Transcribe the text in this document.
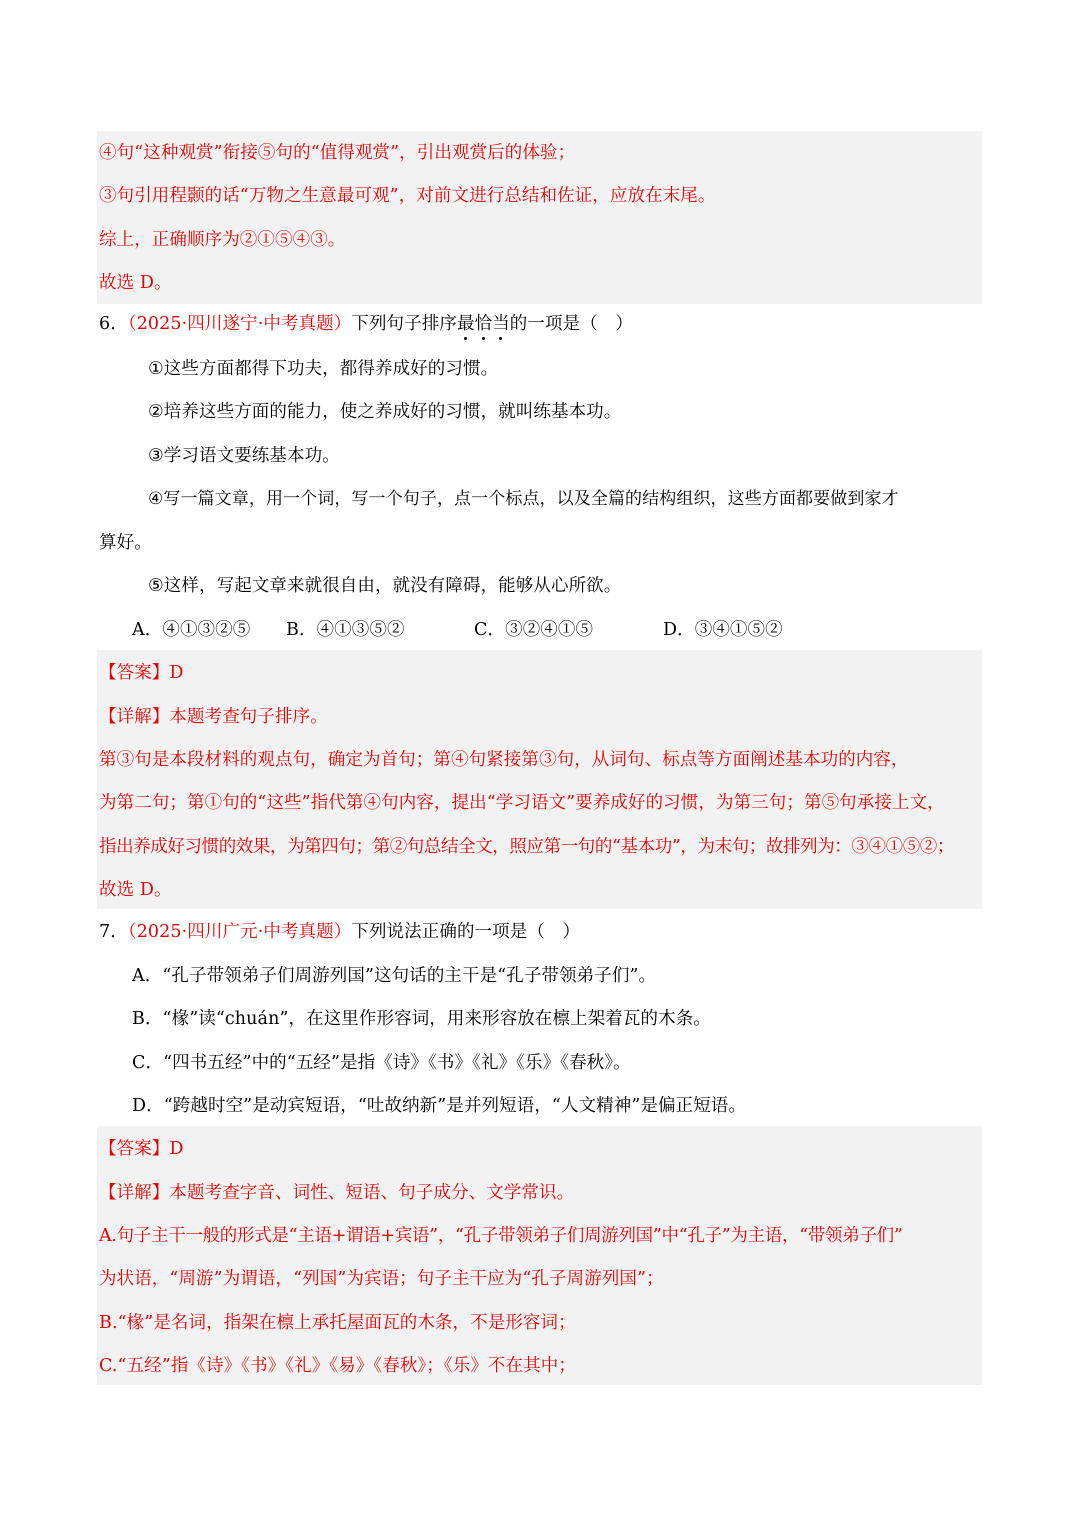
④句“这种观赏”衔接⑤句的“值得观赏”，引出观赏后的体验；
③句引用程颢的话“万物之生意最可观”，对前文进行总结和佐证，应放在末尾。
综上，正确顺序为②①⑤④③。
故选 D。
6．（2025·四川遂宁·中考真题）下列句子排序最恰当的一项是（　）
①这些方面都得下功夫，都得养成好的习惯。
②培养这些方面的能力，使之养成好的习惯，就叫练基本功。
③学习语文要练基本功。
④写一篇文章，用一个词，写一个句子，点一个标点，以及全篇的结构组织，这些方面都要做到家才
算好。
⑤这样，写起文章来就很自由，就没有障碍，能够从心所欲。
A．④①③②⑤ B．④①③⑤②	C．③②④①⑤	D．③④①⑤②
【答案】D
【详解】本题考查句子排序。
第③句是本段材料的观点句，确定为首句；第④句紧接第③句，从词句、标点等方面阐述基本功的内容，
为第二句；第①句的“这些”指代第④句内容，提出“学习语文”要养成好的习惯，为第三句；第⑤句承接上文，
指出养成好习惯的效果，为第四句；第②句总结全文，照应第一句的“基本功”，为末句；故排列为：③④①⑤②；
故选 D。
7．（2025·四川广元·中考真题）下列说法正确的一项是（　）
A．“孔子带领弟子们周游列国”这句话的主干是“孔子带领弟子们”。
B．“椽”读“chuán”，在这里作形容词，用来形容放在檩上架着瓦的木条。
C．“四书五经”中的“五经”是指《诗》《书》《礼》《乐》《春秋》。
D．“跨越时空”是动宾短语，“吐故纳新”是并列短语，“人文精神”是偏正短语。
【答案】D
【详解】本题考查字音、词性、短语、句子成分、文学常识。
A.句子主干一般的形式是“主语+谓语+宾语”，“孔子带领弟子们周游列国”中“孔子”为主语，“带领弟子们”
为状语，“周游”为谓语，“列国”为宾语；句子主干应为“孔子周游列国”；
B.“椽”是名词，指架在檩上承托屋面瓦的木条，不是形容词；
C.“五经”指《诗》《书》《礼》《易》《春秋》；《乐》不在其中；
